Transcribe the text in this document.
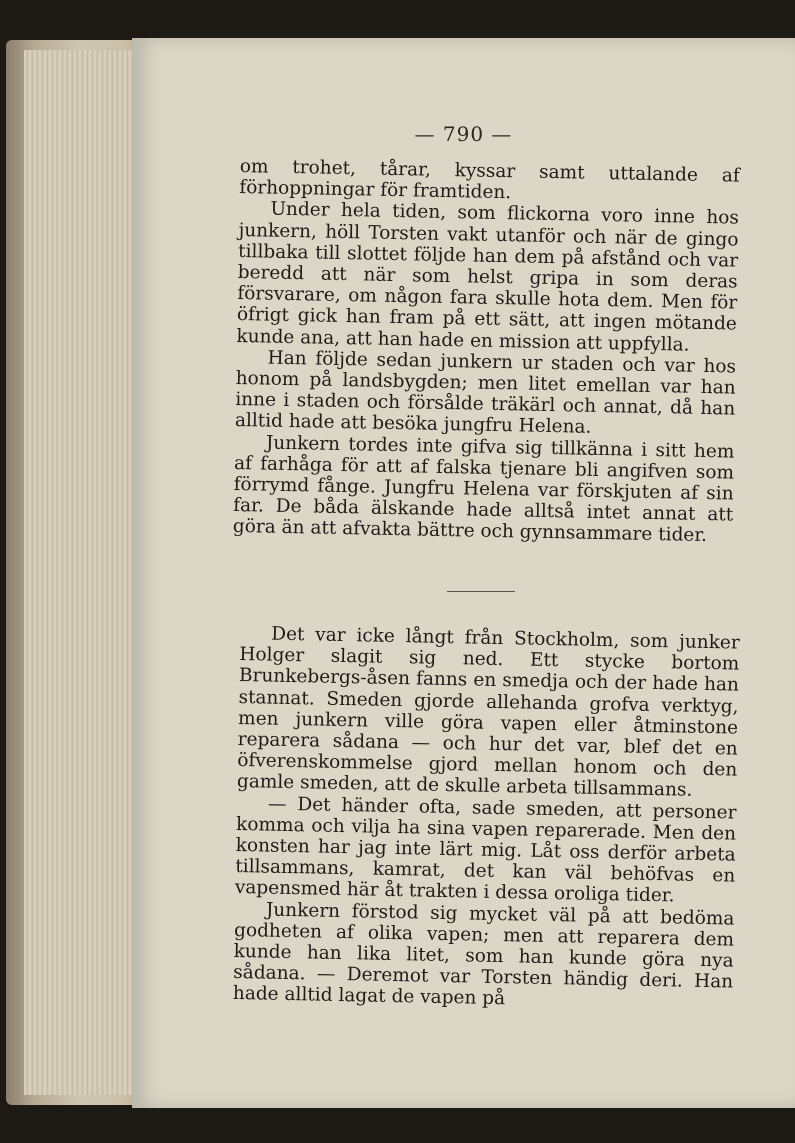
— 790 —

om trohet, tårar, kyssar samt uttalande af förhoppningar för framtiden.

Under hela tiden, som flickorna voro inne hos junkern, höll Torsten vakt utanför och när de gingo tillbaka till slottet följde han dem på afstånd och var beredd att när som helst gripa in som deras försvarare, om någon fara skulle hota dem. Men för öfrigt gick han fram på ett sätt, att ingen mötande kunde ana, att han hade en mission att uppfylla.

Han följde sedan junkern ur staden och var hos honom på landsbygden; men litet emellan var han inne i staden och försålde träkärl och annat, då han alltid hade att besöka jungfru Helena.

Junkern tordes inte gifva sig tillkänna i sitt hem af farhåga för att af falska tjenare bli angifven som förrymd fånge. Jungfru Helena var förskjuten af sin far. De båda älskande hade alltså intet annat att göra än att afvakta bättre och gynnsammare tider.

Det var icke långt från Stockholm, som junker Holger slagit sig ned. Ett stycke bortom Brunkebergs-åsen fanns en smedja och der hade han stannat. Smeden gjorde allehanda grofva verktyg, men junkern ville göra vapen eller åtminstone reparera sådana — och hur det var, blef det en öfverenskommelse gjord mellan honom och den gamle smeden, att de skulle arbeta tillsammans.

— Det händer ofta, sade smeden, att personer komma och vilja ha sina vapen reparerade. Men den konsten har jag inte lärt mig. Låt oss derför arbeta tillsammans, kamrat, det kan väl behöfvas en vapensmed här åt trakten i dessa oroliga tider.

Junkern förstod sig mycket väl på att bedöma godheten af olika vapen; men att reparera dem kunde han lika litet, som han kunde göra nya sådana. — Deremot var Torsten händig deri. Han hade alltid lagat de vapen på
